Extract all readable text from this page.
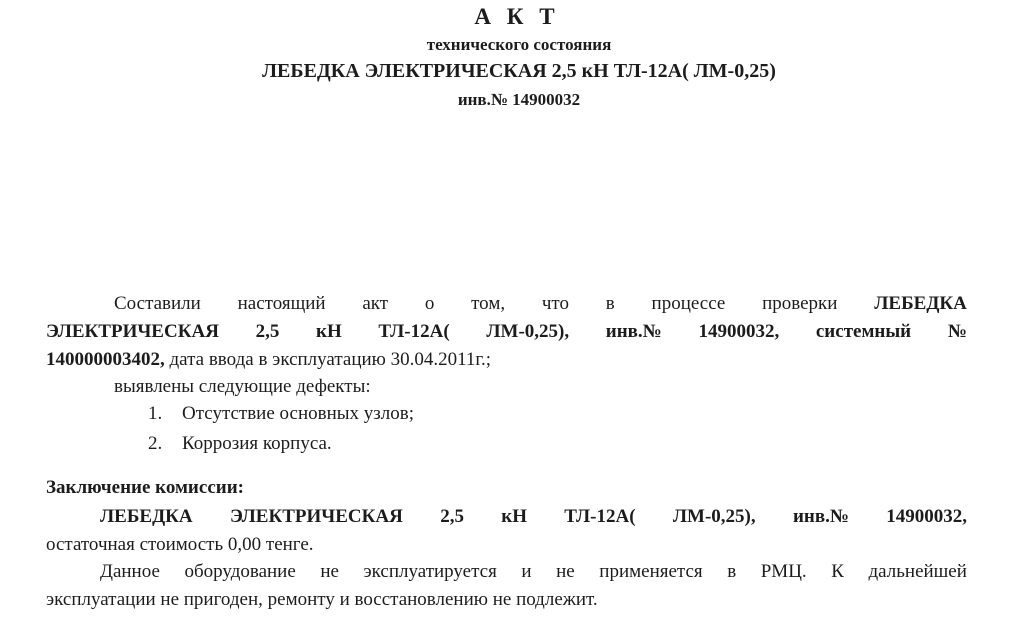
А К Т
технического состояния
ЛЕБЕДКА ЭЛЕКТРИЧЕСКАЯ 2,5 кН ТЛ-12А( ЛМ-0,25)
инв.№ 14900032
Составили настоящий акт о том, что в процессе проверки ЛЕБЕДКА
ЭЛЕКТРИЧЕСКАЯ 2,5 кН ТЛ-12А( ЛМ-0,25), инв.№ 14900032, системный №
140000003402, дата ввода в эксплуатацию 30.04.2011г.;
выявлены следующие дефекты:
1. Отсутствие основных узлов;
2. Коррозия корпуса.
Заключение комиссии:
ЛЕБЕДКА ЭЛЕКТРИЧЕСКАЯ 2,5 кН ТЛ-12А( ЛМ-0,25), инв.№ 14900032,
остаточная стоимость 0,00 тенге.
Данное оборудование не эксплуатируется и не применяется в РМЦ. К дальнейшей
эксплуатации не пригоден, ремонту и восстановлению не подлежит.
